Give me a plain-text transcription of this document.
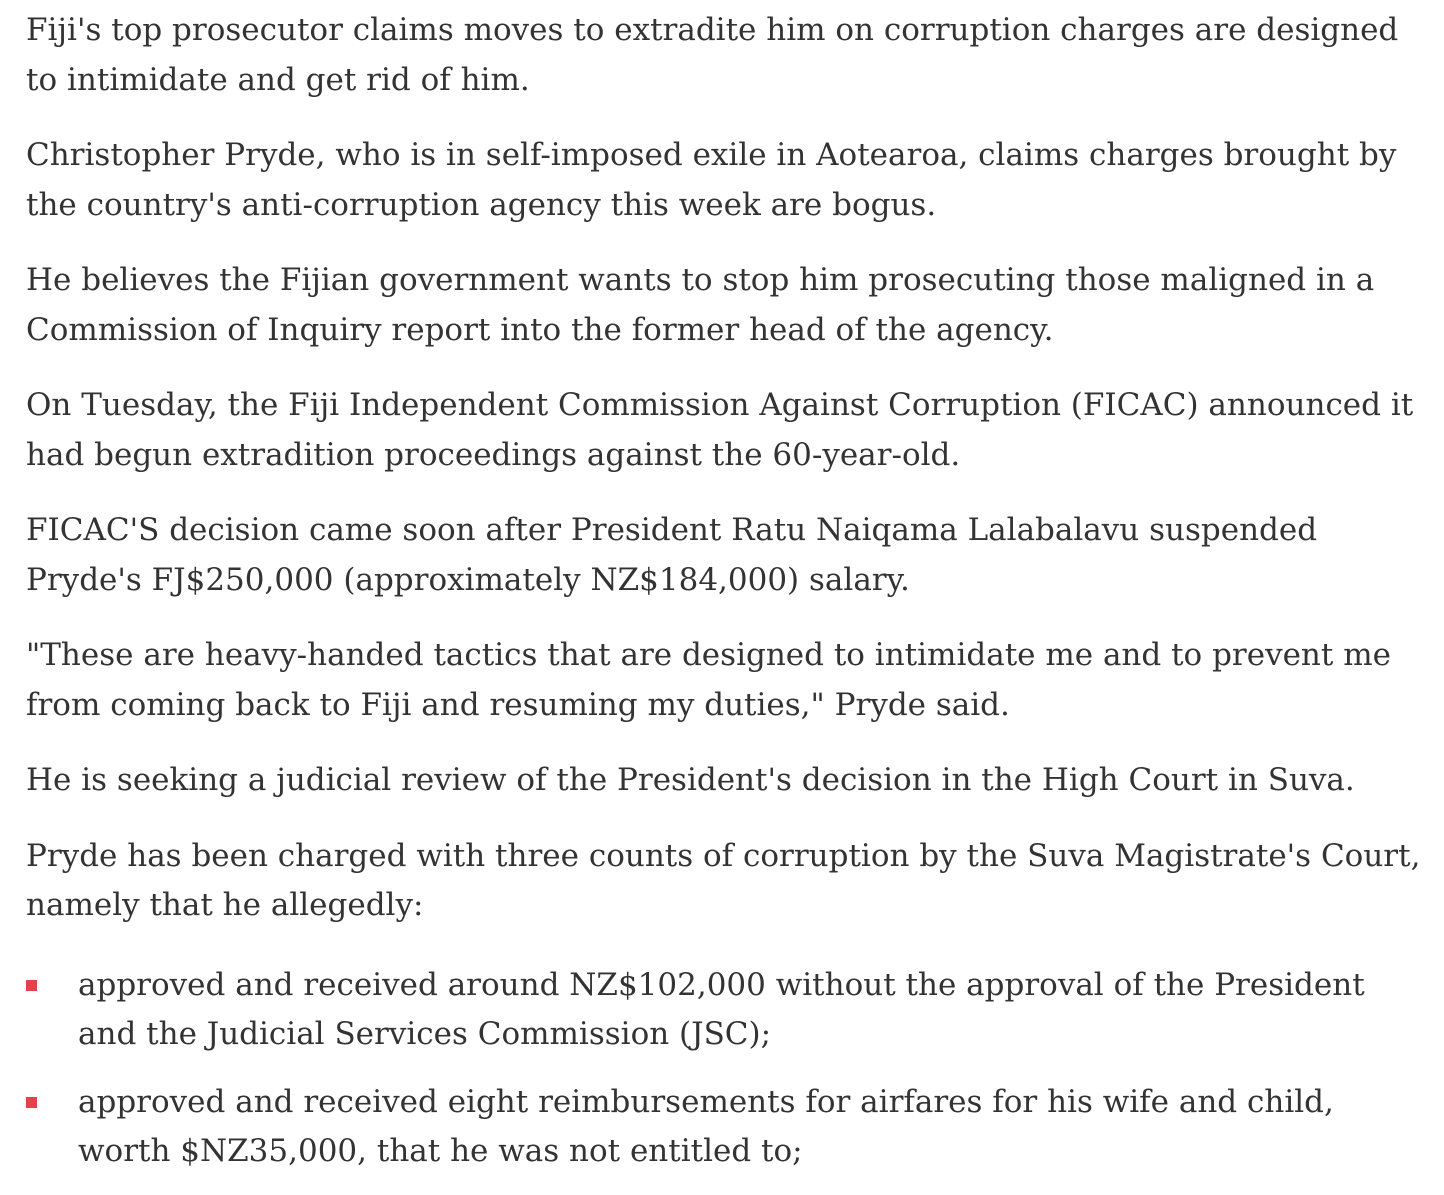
Fiji's top prosecutor claims moves to extradite him on corruption charges are designed to intimidate and get rid of him.

Christopher Pryde, who is in self-imposed exile in Aotearoa, claims charges brought by the country's anti-corruption agency this week are bogus.

He believes the Fijian government wants to stop him prosecuting those maligned in a Commission of Inquiry report into the former head of the agency.

On Tuesday, the Fiji Independent Commission Against Corruption (FICAC) announced it had begun extradition proceedings against the 60-year-old.

FICAC'S decision came soon after President Ratu Naiqama Lalabalavu suspended Pryde's FJ$250,000 (approximately NZ$184,000) salary.

"These are heavy-handed tactics that are designed to intimidate me and to prevent me from coming back to Fiji and resuming my duties," Pryde said.

He is seeking a judicial review of the President's decision in the High Court in Suva.

Pryde has been charged with three counts of corruption by the Suva Magistrate's Court, namely that he allegedly:

approved and received around NZ$102,000 without the approval of the President and the Judicial Services Commission (JSC);
approved and received eight reimbursements for airfares for his wife and child, worth $NZ35,000, that he was not entitled to;
